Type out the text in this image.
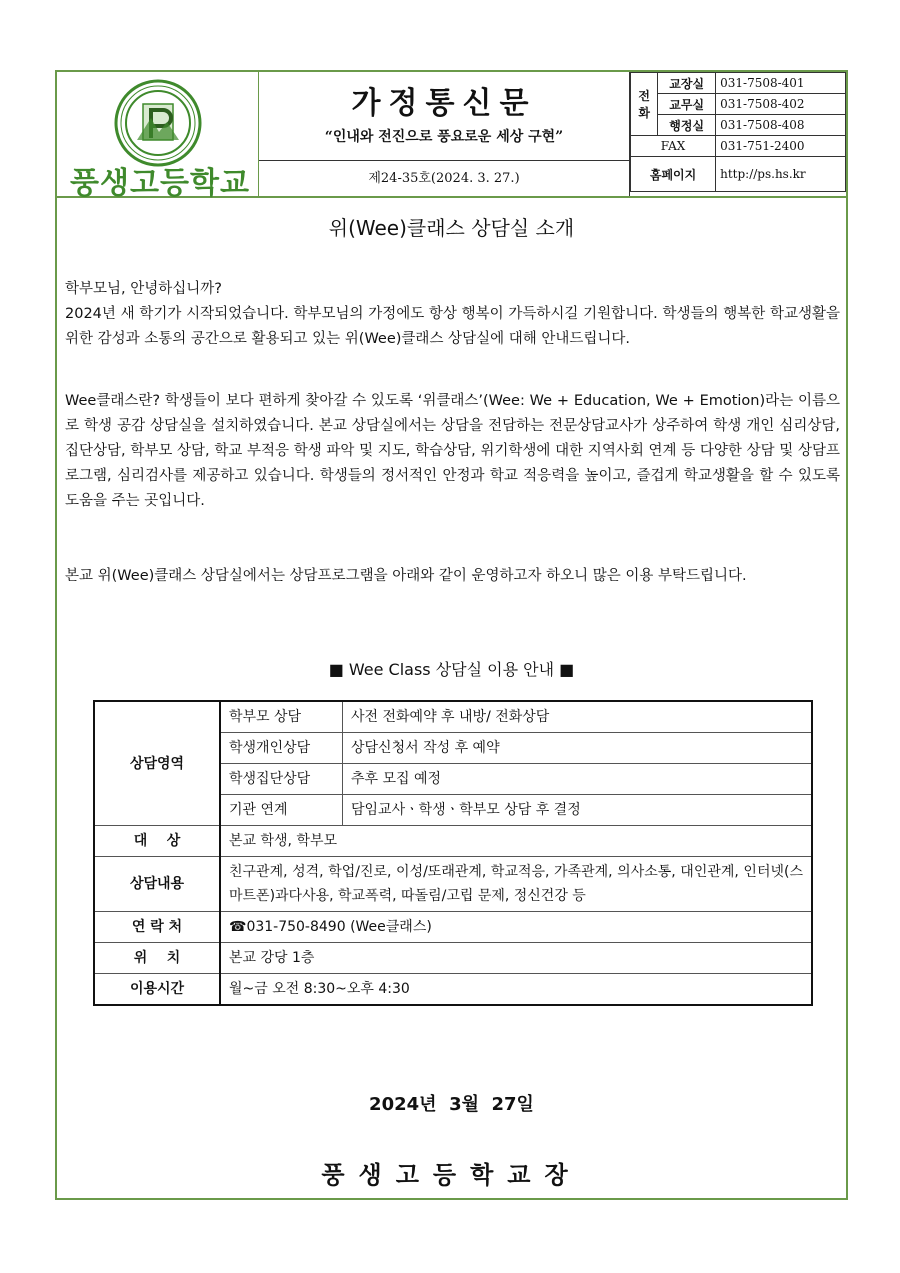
풍생고등학교
가정통신문
“인내와 전진으로 풍요로운 세상 구현”
제24-35호(2024. 3. 27.)
전화	교장실	031-7508-401
	교무실	031-7508-402
	행정실	031-7508-408
FAX		031-751-2400
홈페이지		http://ps.hs.kr
위(Wee)클래스 상담실 소개

학부모님, 안녕하십니까?

2024년 새 학기가 시작되었습니다. 학부모님의 가정에도 항상 행복이 가득하시길 기원합니다. 학생들의 행복한 학교생활을 위한 감성과 소통의 공간으로 활용되고 있는 위(Wee)클래스 상담실에 대해 안내드립니다.

Wee클래스란? 학생들이 보다 편하게 찾아갈 수 있도록 ‘위클래스’(Wee: We + Education, We + Emotion)라는 이름으로 학생 공감 상담실을 설치하였습니다. 본교 상담실에서는 상담을 전담하는 전문상담교사가 상주하여 학생 개인 심리상담, 집단상담, 학부모 상담, 학교 부적응 학생 파악 및 지도, 학습상담, 위기학생에 대한 지역사회 연계 등 다양한 상담 및 상담프로그램, 심리검사를 제공하고 있습니다. 학생들의 정서적인 안정과 학교 적응력을 높이고, 즐겁게 학교생활을 할 수 있도록 도움을 주는 곳입니다.

본교 위(Wee)클래스 상담실에서는 상담프로그램을 아래와 같이 운영하고자 하오니 많은 이용 부탁드립니다.

■ Wee Class 상담실 이용 안내 ■
상담영역	학부모 상담	사전 전화예약 후 내방/ 전화상담
	학생개인상담	상담신청서 작성 후 예약
	학생집단상담	추후 모집 예정
	기관 연계	담임교사ㆍ학생ㆍ학부모 상담 후 결정
대    상	본교 학생, 학부모	
상담내용	친구관계, 성격, 학업/진로, 이성/또래관계, 학교적응, 가족관계, 의사소통, 대인관계, 인터넷(스마트폰)과다사용, 학교폭력, 따돌림/고립 문제, 정신건강 등	
연 락 처	☎031-750-8490 (Wee클래스)	
위    치	본교 강당 1층	
이용시간	월~금 오전 8:30~오후 4:30	
2024년  3월  27일
풍생고등학교장
